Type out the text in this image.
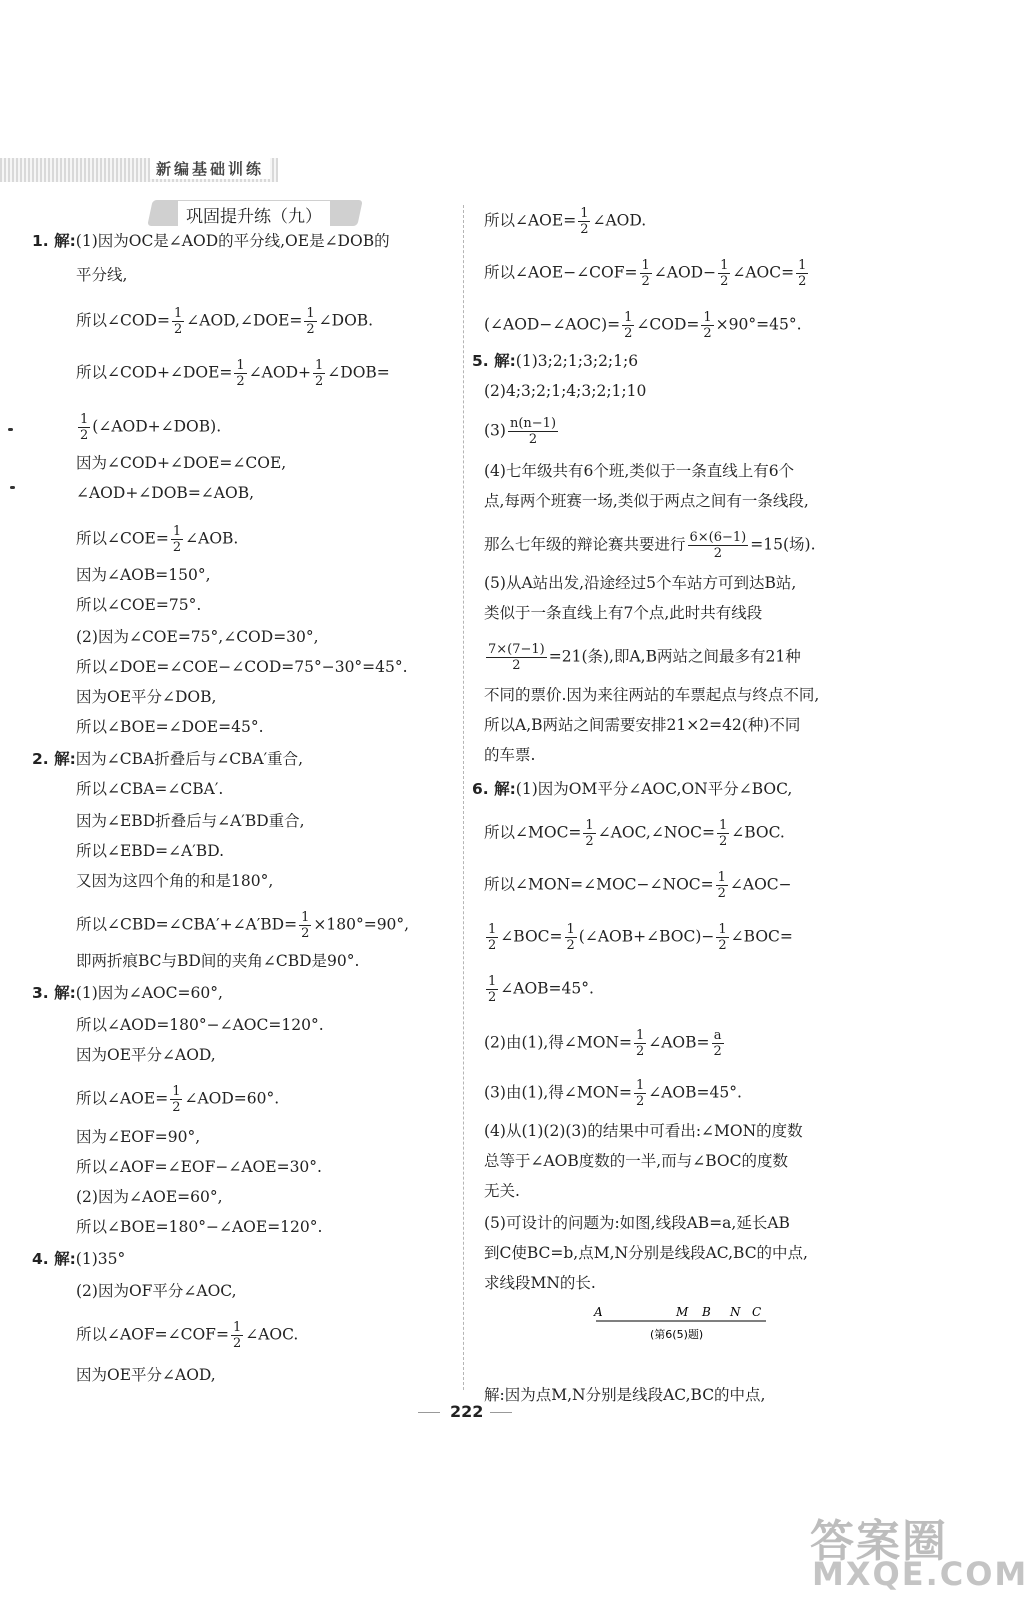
新编基础训练
巩固提升练（九）
1. 解:(1)因为OC是∠AOD的平分线,OE是∠DOB的
平分线,
所以∠COD= $\frac{1}{2}$ ∠AOD,∠DOE= $\frac{1}{2}$ ∠DOB.
所以∠COD+∠DOE= $\frac{1}{2}$ ∠AOD+ $\frac{1}{2}$ ∠DOB=
$\frac{1}{2}$ (∠AOD+∠DOB).
因为∠COD+∠DOE=∠COE,
∠AOD+∠DOB=∠AOB,
所以∠COE= $\frac{1}{2}$ ∠AOB.
因为∠AOB=150°,
所以∠COE=75°.
(2)因为∠COE=75°,∠COD=30°,
所以∠DOE=∠COE−∠COD=75°−30°=45°.
因为OE平分∠DOB,
所以∠BOE=∠DOE=45°.
2. 解:因为∠CBA折叠后与∠CBA′重合,
所以∠CBA=∠CBA′.
因为∠EBD折叠后与∠A′BD重合,
所以∠EBD=∠A′BD.
又因为这四个角的和是180°,
所以∠CBD=∠CBA′+∠A′BD= $\frac{1}{2} \times 180^\circ=90^\circ$,
即两折痕BC与BD间的夹角∠CBD是90°.
3. 解:(1)因为∠AOC=60°,
所以∠AOD=180°−∠AOC=120°.
因为OE平分∠AOD,
所以∠AOE= $\frac{1}{2}$ ∠AOD=60°.
因为∠EOF=90°,
所以∠AOF=∠EOF−∠AOE=30°.
(2)因为∠AOE=60°,
所以∠BOE=180°−∠AOE=120°.
4. 解:(1)35°
(2)因为OF平分∠AOC,
所以∠AOF=∠COF= $\frac{1}{2}$ ∠AOC.
因为OE平分∠AOD,
所以∠AOE= $\frac{1}{2}$ ∠AOD.
所以∠AOE−∠COF= $\frac{1}{2}$ ∠AOD− $\frac{1}{2}$ ∠AOC= $\frac{1}{2}$
(∠AOD−∠AOC)= $\frac{1}{2}$ ∠COD= $\frac{1}{2} \times 90^\circ=45^\circ$.
5. 解:(1)3;2;1;3;2;1;6
(2)4;3;2;1;4;3;2;1;10
$(3) \frac{n(n-1)}{2}$
(4)七年级共有6个班,类似于一条直线上有6个
点,每两个班赛一场,类似于两点之间有一条线段,
那么七年级的辩论赛共要进行 $\frac{6\times(6-1)}{2} =15$(场).
(5)从A站出发,沿途经过5个车站方可到达B站,
类似于一条直线上有7个点,此时共有线段
$\frac{7\times(7-1)}{2} =21$(条),即A,B两站之间最多有21种
不同的票价.因为来往两站的车票起点与终点不同,
所以A,B两站之间需要安排21×2=42(种)不同
的车票.
6. 解:(1)因为OM平分∠AOC,ON平分∠BOC,
所以∠MOC= $\frac{1}{2}$ ∠AOC,∠NOC= $\frac{1}{2}$ ∠BOC.
所以∠MON=∠MOC−∠NOC= $\frac{1}{2}$ ∠AOC−
$\frac{1}{2}$ ∠BOC= $\frac{1}{2}$ (∠AOB+∠BOC)− $\frac{1}{2}$ ∠BOC=
$\frac{1}{2}$ ∠AOB=45°.
(2)由(1),得∠MON= $\frac{1}{2}$ ∠AOB= $\frac{a}{2}$
(3)由(1),得∠MON= $\frac{1}{2}$ ∠AOB=45°.
(4)从(1)(2)(3)的结果中可看出:∠MON的度数
总等于∠AOB度数的一半,而与∠BOC的度数
无关.
(5)可设计的问题为:如图,线段AB=a,延长AB
到C使BC=b,点M,N分别是线段AC,BC的中点,
求线段MN的长.
解:因为点M,N分别是线段AC,BC的中点,
A	M B N C
(第6(5)题)
222
答案圈
MXQE.COM
